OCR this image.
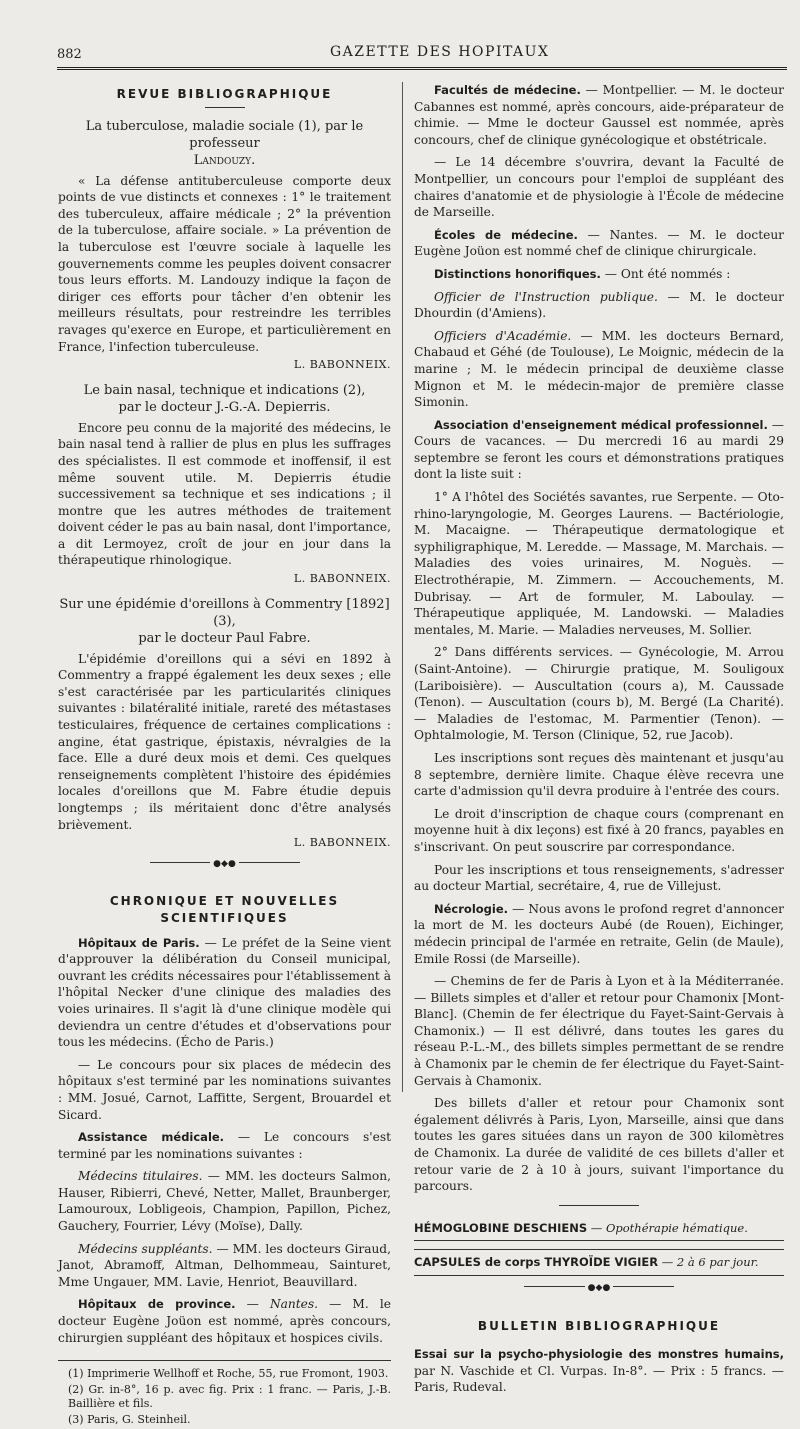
882	GAZETTE DES HOPITAUX
REVUE BIBLIOGRAPHIQUE
La tuberculose, maladie sociale (1), par le professeur
Landouzy.

« La défense antituberculeuse comporte deux points de vue distincts et connexes : 1° le traitement des tuberculeux, affaire médicale ; 2° la prévention de la tuberculose, affaire sociale. » La prévention de la tuberculose est l'œuvre sociale à laquelle les gouvernements comme les peuples doivent consacrer tous leurs efforts. M. Landouzy indique la façon de diriger ces efforts pour tâcher d'en obtenir les meilleurs résultats, pour restreindre les terribles ravages qu'exerce en Europe, et particulièrement en France, l'infection tuberculeuse.

L. BABONNEIX.
Le bain nasal, technique et indications (2),
par le docteur J.-G.-A. Depierris.

Encore peu connu de la majorité des médecins, le bain nasal tend à rallier de plus en plus les suffrages des spécialistes. Il est commode et inoffensif, il est même souvent utile. M. Depierris étudie successivement sa technique et ses indications ; il montre que les autres méthodes de traitement doivent céder le pas au bain nasal, dont l'importance, a dit Lermoyez, croît de jour en jour dans la thérapeutique rhinologique.

L. BABONNEIX.
Sur une épidémie d'oreillons à Commentry [1892] (3),
par le docteur Paul Fabre.

L'épidémie d'oreillons qui a sévi en 1892 à Commentry a frappé également les deux sexes ; elle s'est caractérisée par les particularités cliniques suivantes : bilatéralité initiale, rareté des métastases testiculaires, fréquence de certaines complications : angine, état gastrique, épistaxis, névralgies de la face. Elle a duré deux mois et demi. Ces quelques renseignements complètent l'histoire des épidémies locales d'oreillons que M. Fabre étudie depuis longtemps ; ils méritaient donc d'être analysés brièvement.

L. BABONNEIX.
●◆●
CHRONIQUE ET NOUVELLES SCIENTIFIQUES

Hôpitaux de Paris. — Le préfet de la Seine vient d'approuver la délibération du Conseil municipal, ouvrant les crédits nécessaires pour l'établissement à l'hôpital Necker d'une clinique des maladies des voies urinaires. Il s'agit là d'une clinique modèle qui deviendra un centre d'études et d'observations pour tous les médecins. (Écho de Paris.)

— Le concours pour six places de médecin des hôpitaux s'est terminé par les nominations suivantes : MM. Josué, Carnot, Laffitte, Sergent, Brouardel et Sicard.

Assistance médicale. — Le concours s'est terminé par les nominations suivantes :

Médecins titulaires. — MM. les docteurs Salmon, Hauser, Ribierri, Chevé, Netter, Mallet, Braunberger, Lamouroux, Lobligeois, Champion, Papillon, Pichez, Gauchery, Fourrier, Lévy (Moïse), Dally.

Médecins suppléants. — MM. les docteurs Giraud, Janot, Abramoff, Altman, Delhommeau, Sainturet, Mme Ungauer, MM. Lavie, Henriot, Beauvillard.

Hôpitaux de province. — Nantes. — M. le docteur Eugène Joüon est nommé, après concours, chirurgien suppléant des hôpitaux et hospices civils.

(1) Imprimerie Wellhoff et Roche, 55, rue Fromont, 1903.
(2) Gr. in-8°, 16 p. avec fig. Prix : 1 franc. — Paris, J.-B. Baillière et fils.
(3) Paris, G. Steinheil.

Facultés de médecine. — Montpellier. — M. le docteur Cabannes est nommé, après concours, aide-préparateur de chimie. — Mme le docteur Gaussel est nommée, après concours, chef de clinique gynécologique et obstétricale.

— Le 14 décembre s'ouvrira, devant la Faculté de Montpellier, un concours pour l'emploi de suppléant des chaires d'anatomie et de physiologie à l'École de médecine de Marseille.

Écoles de médecine. — Nantes. — M. le docteur Eugène Joüon est nommé chef de clinique chirurgicale.

Distinctions honorifiques. — Ont été nommés :

Officier de l'Instruction publique. — M. le docteur Dhourdin (d'Amiens).

Officiers d'Académie. — MM. les docteurs Bernard, Chabaud et Géhé (de Toulouse), Le Moignic, médecin de la marine ; M. le médecin principal de deuxième classe Mignon et M. le médecin-major de première classe Simonin.

Association d'enseignement médical professionnel. — Cours de vacances. — Du mercredi 16 au mardi 29 septembre se feront les cours et démonstrations pratiques dont la liste suit :

1° A l'hôtel des Sociétés savantes, rue Serpente. — Oto-rhino-laryngologie, M. Georges Laurens. — Bactériologie, M. Macaigne. — Thérapeutique dermatologique et syphiligraphique, M. Leredde. — Massage, M. Marchais. — Maladies des voies urinaires, M. Noguès. — Electrothérapie, M. Zimmern. — Accouchements, M. Dubrisay. — Art de formuler, M. Laboulay. — Thérapeutique appliquée, M. Landowski. — Maladies mentales, M. Marie. — Maladies nerveuses, M. Sollier.

2° Dans différents services. — Gynécologie, M. Arrou (Saint-Antoine). — Chirurgie pratique, M. Souligoux (Lariboisière). — Auscultation (cours a), M. Caussade (Tenon). — Auscultation (cours b), M. Bergé (La Charité). — Maladies de l'estomac, M. Parmentier (Tenon). — Ophtalmologie, M. Terson (Clinique, 52, rue Jacob).

Les inscriptions sont reçues dès maintenant et jusqu'au 8 septembre, dernière limite. Chaque élève recevra une carte d'admission qu'il devra produire à l'entrée des cours.

Le droit d'inscription de chaque cours (comprenant en moyenne huit à dix leçons) est fixé à 20 francs, payables en s'inscrivant. On peut souscrire par correspondance.

Pour les inscriptions et tous renseignements, s'adresser au docteur Martial, secrétaire, 4, rue de Villejust.

Nécrologie. — Nous avons le profond regret d'annoncer la mort de M. les docteurs Aubé (de Rouen), Eichinger, médecin principal de l'armée en retraite, Gelin (de Maule), Emile Rossi (de Marseille).

— Chemins de fer de Paris à Lyon et à la Méditerranée. — Billets simples et d'aller et retour pour Chamonix [Mont-Blanc]. (Chemin de fer électrique du Fayet-Saint-Gervais à Chamonix.) — Il est délivré, dans toutes les gares du réseau P.-L.-M., des billets simples permettant de se rendre à Chamonix par le chemin de fer électrique du Fayet-Saint-Gervais à Chamonix.

Des billets d'aller et retour pour Chamonix sont également délivrés à Paris, Lyon, Marseille, ainsi que dans toutes les gares situées dans un rayon de 300 kilomètres de Chamonix. La durée de validité de ces billets d'aller et retour varie de 2 à 10 à jours, suivant l'importance du parcours.

HÉMOGLOBINE DESCHIENS — Opothérapie hématique.
CAPSULES de corps THYROÏDE VIGIER — 2 à 6 par jour.
●◆●
BULLETIN BIBLIOGRAPHIQUE

Essai sur la psycho-physiologie des monstres humains, par N. Vaschide et Cl. Vurpas. In-8°. — Prix : 5 francs. — Paris, Rudeval.
